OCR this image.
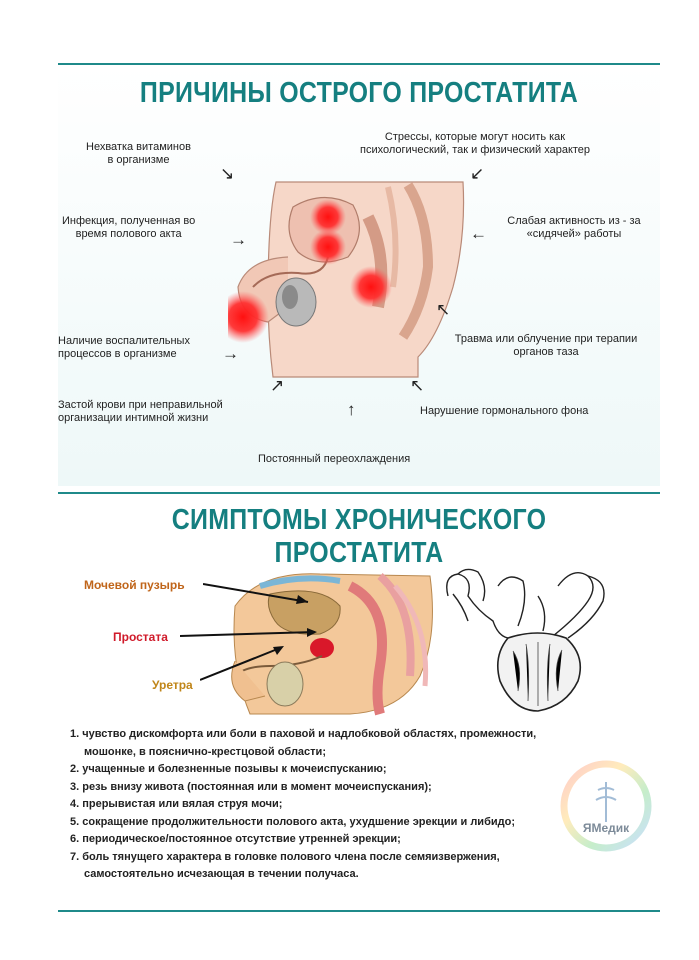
ПРИЧИНЫ ОСТРОГО ПРОСТАТИТА
Нехватка витаминов
в организме
↘
Стрессы, которые могут носить как
психологический, так и физический характер
↙
Инфекция, полученная во
время полового акта	→
Слабая активность из - за
«сидячей» работы
←
Наличие воспалительных
процессов в организме	→
Травма или облучение при терапии
органов таза
↖
Застой крови при неправильной
организации интимной жизни
↗
Нарушение гормонального фона
↖
↑
Постоянный переохлаждения
СИМПТОМЫ ХРОНИЧЕСКОГО ПРОСТАТИТА
Мочевой пузырь
Простата
Уретра
1. чувство дискомфорта или боли в паховой и надлобковой областях, промежности,
мошонке, в пояснично-крестцовой области;
2. учащенные и болезненные позывы к мочеиспусканию;
3. резь внизу живота (постоянная или в момент мочеиспускания);
4. прерывистая или вялая струя мочи;
5. сокращение продолжительности полового акта, ухудшение эрекции и либидо;
6. периодическое/постоянное отсутствие утренней эрекции;
7. боль тянущего характера в головке полового члена после семяизвержения,
самостоятельно исчезающая в течении получаса.
ЯМедик
